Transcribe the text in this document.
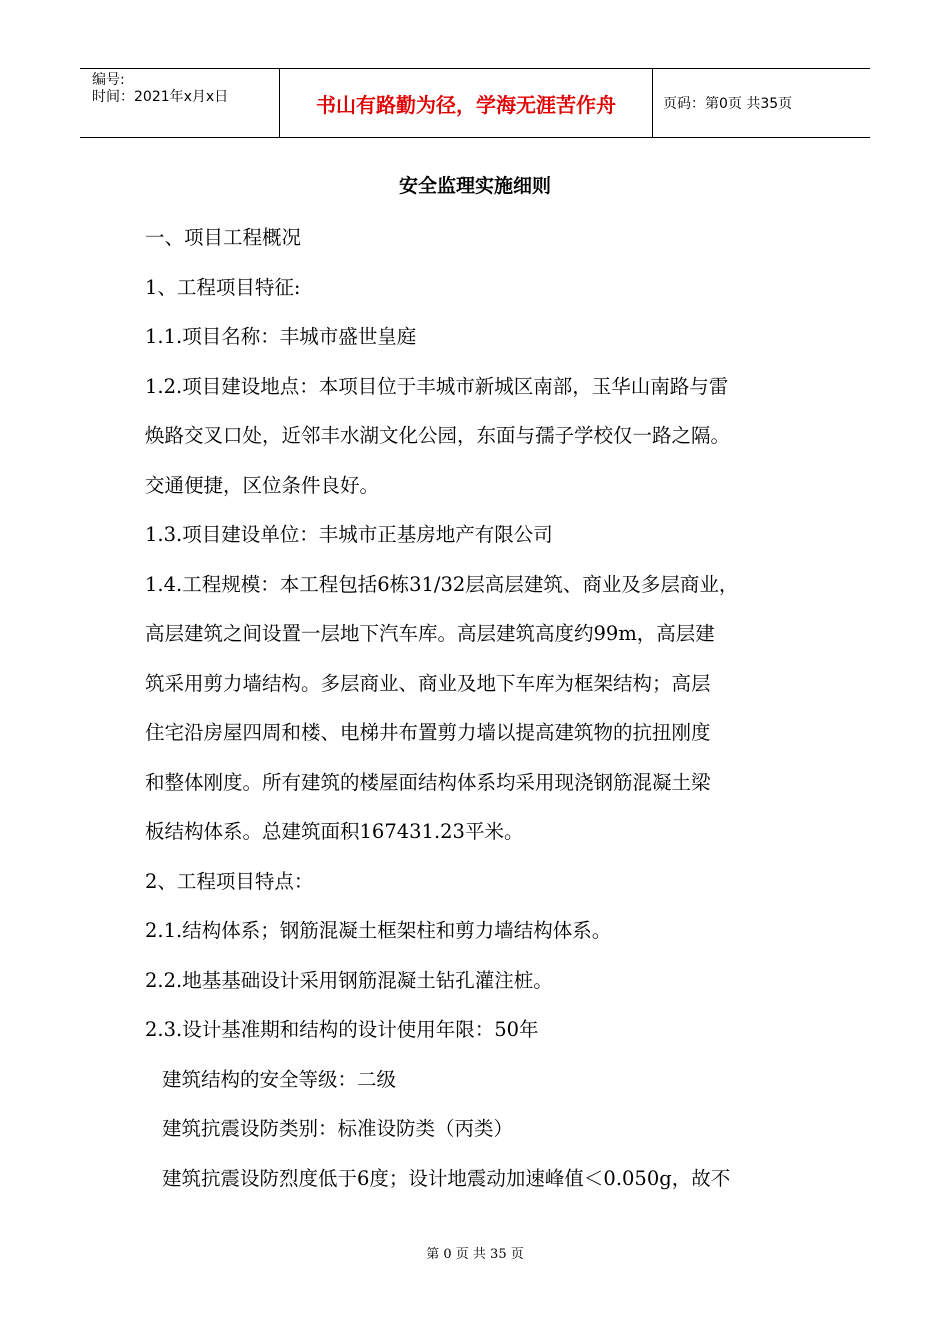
编号:
时间：2021年x月x日	书山有路勤为径，学海无涯苦作舟	页码：第0页 共35页
安全监理实施细则

一、项目工程概况

1、工程项目特征:

1.1.项目名称：丰城市盛世皇庭

1.2.项目建设地点：本项目位于丰城市新城区南部，玉华山南路与雷

焕路交叉口处，近邻丰水湖文化公园，东面与孺子学校仅一路之隔。

交通便捷，区位条件良好。

1.3.项目建设单位：丰城市正基房地产有限公司

1.4.工程规模：本工程包括6栋31/32层高层建筑、商业及多层商业，

高层建筑之间设置一层地下汽车库。高层建筑高度约99m，高层建

筑采用剪力墙结构。多层商业、商业及地下车库为框架结构；高层

住宅沿房屋四周和楼、电梯井布置剪力墙以提高建筑物的抗扭刚度

和整体刚度。所有建筑的楼屋面结构体系均采用现浇钢筋混凝土梁

板结构体系。总建筑面积167431.23平米。

2、工程项目特点：

2.1.结构体系；钢筋混凝土框架柱和剪力墙结构体系。

2.2.地基基础设计采用钢筋混凝土钻孔灌注桩。

2.3.设计基准期和结构的设计使用年限：50年

建筑结构的安全等级：二级

建筑抗震设防类别：标准设防类（丙类）

建筑抗震设防烈度低于6度；设计地震动加速峰值＜0.050g，故不

第 0 页 共 35 页
